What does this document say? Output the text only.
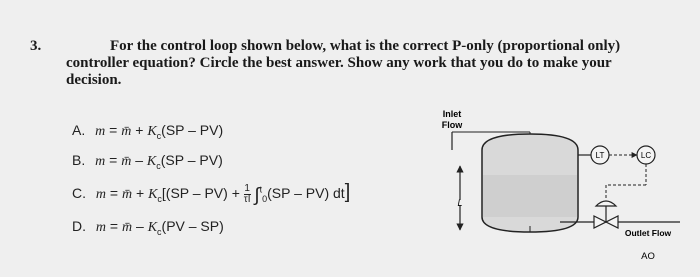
3.	For the control loop shown below, what is the correct P-only (proportional only)
controller equation? Circle the best answer. Show any work that you do to make your
decision.
A. m = m̄ + $K_c(SP - PV)$
B. m = m̄ – $K_c(SP - PV)$
C. m = m̄ + $K_c[(SP - PV) + \frac{1}{\tau I} \int^t_0(SP - PV)$ dt]
D. m = m̄ – $K_c(PV - SP)$
Inlet
Flow
L
LT	LC
Outlet Flow
AO
